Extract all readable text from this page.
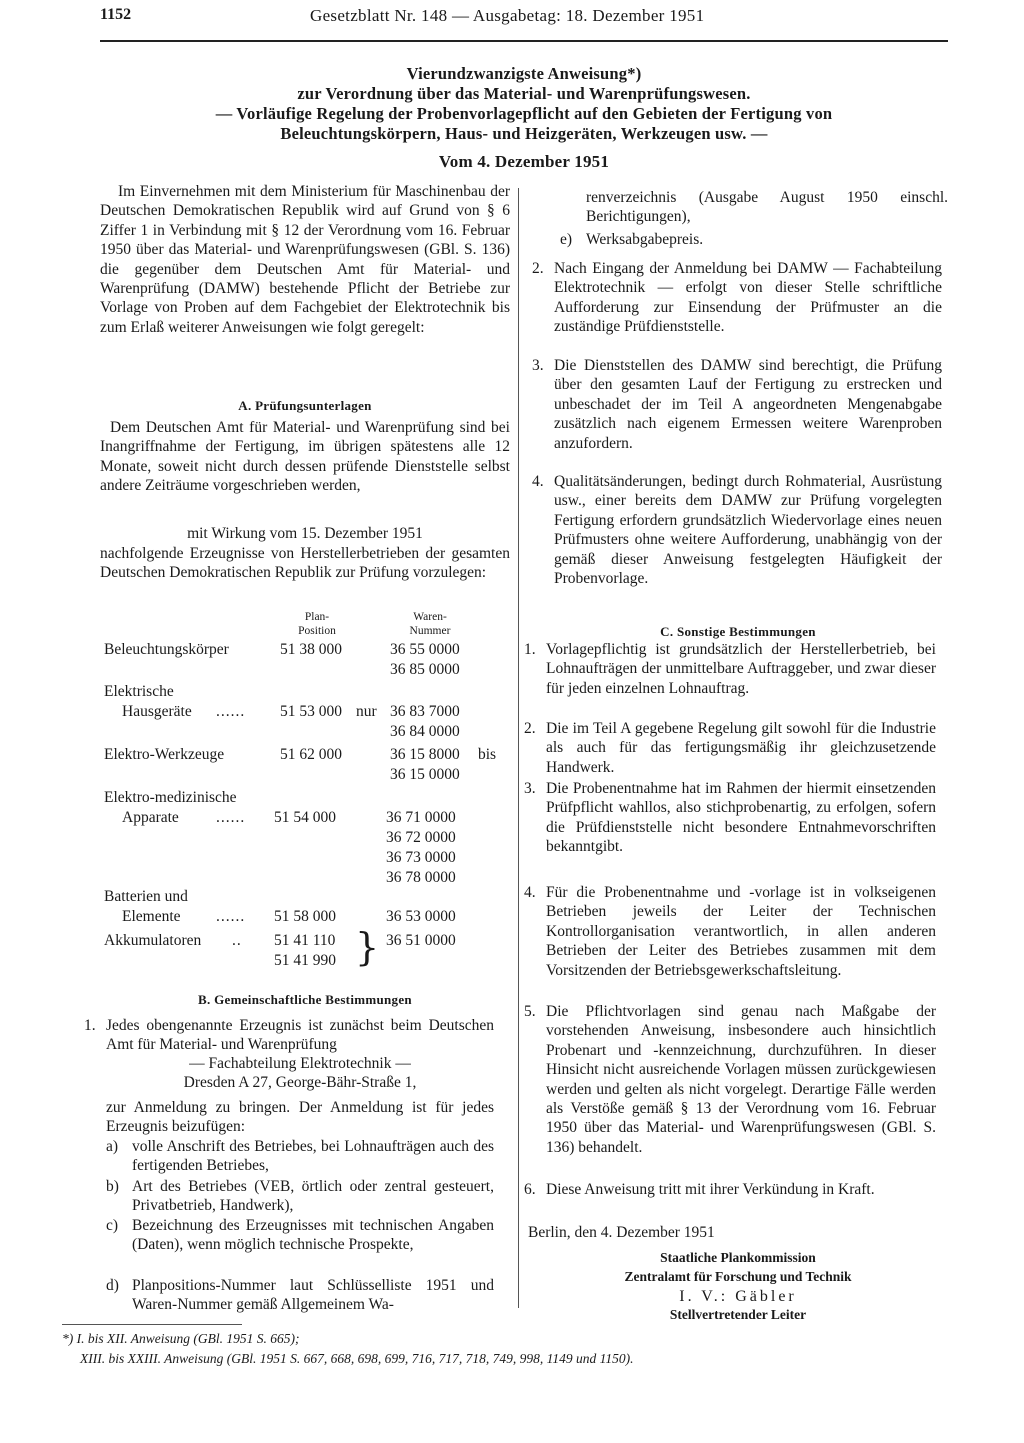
1152	Gesetzblatt Nr. 148 — Ausgabetag: 18. Dezember 1951
Vierundzwanzigste Anweisung*)
zur Verordnung über das Material- und Warenprüfungswesen.
— Vorläufige Regelung der Probenvorlagepflicht auf den Gebieten der Fertigung von
Beleuchtungskörpern, Haus- und Heizgeräten, Werkzeugen usw. —
Vom 4. Dezember 1951
Im Einvernehmen mit dem Ministerium für Maschinenbau der Deutschen Demokratischen Republik wird auf Grund von § 6 Ziffer 1 in Verbindung mit § 12 der Verordnung vom 16. Februar 1950 über das Material- und Warenprüfungswesen (GBl. S. 136) die gegenüber dem Deutschen Amt für Material- und Warenprüfung (DAMW) bestehende Pflicht der Betriebe zur Vorlage von Proben auf dem Fachgebiet der Elektrotechnik bis zum Erlaß weiterer Anweisungen wie folgt geregelt:
A. Prüfungsunterlagen
Dem Deutschen Amt für Material- und Warenprüfung sind bei Inangriffnahme der Fertigung, im übrigen spätestens alle 12 Monate, soweit nicht durch dessen prüfende Dienststelle selbst andere Zeiträume vorgeschrieben werden,
mit Wirkung vom 15. Dezember 1951
nachfolgende Erzeugnisse von Herstellerbetrieben der gesamten Deutschen Demokratischen Republik zur Prüfung vorzulegen:
Plan-
Position
Waren-
Nummer
Beleuchtungskörper	51 38 000	36 55 0000
36 85 0000
Elektrische
Hausgeräte ...... 51 53 000 nur 36 83 7000
36 84 0000
Elektro-Werkzeuge	51 62 000	36 15 8000 bis
36 15 0000
Elektro-medizinische
Apparate ...... 51 54 000	36 71 0000
36 72 0000
36 73 0000
36 78 0000
Batterien und
Elemente ...... 51 58 000	36 53 0000
Akkumulatoren .. 51 41 110	36 51 0000
51 41 990 }
B. Gemeinschaftliche Bestimmungen
1. Jedes obengenannte Erzeugnis ist zunächst beim Deutschen Amt für Material- und Warenprüfung
— Fachabteilung Elektrotechnik —
Dresden A 27, George-Bähr-Straße 1,
zur Anmeldung zu bringen. Der Anmeldung ist für jedes Erzeugnis beizufügen:
a) volle Anschrift des Betriebes, bei Lohnaufträgen auch des fertigenden Betriebes,
b) Art des Betriebes (VEB, örtlich oder zentral gesteuert, Privatbetrieb, Handwerk),
c) Bezeichnung des Erzeugnisses mit technischen Angaben (Daten), wenn möglich technische Prospekte,
d) Planpositions-Nummer laut Schlüsselliste 1951 und Waren-Nummer gemäß Allgemeinem Wa-
renverzeichnis (Ausgabe August 1950 einschl. Berichtigungen),
e) Werksabgabepreis.
2. Nach Eingang der Anmeldung bei DAMW — Fachabteilung Elektrotechnik — erfolgt von dieser Stelle schriftliche Aufforderung zur Einsendung der Prüfmuster an die zuständige Prüfdienststelle.
3. Die Dienststellen des DAMW sind berechtigt, die Prüfung über den gesamten Lauf der Fertigung zu erstrecken und unbeschadet der im Teil A angeordneten Mengenabgabe zusätzlich nach eigenem Ermessen weitere Warenproben anzufordern.
4. Qualitätsänderungen, bedingt durch Rohmaterial, Ausrüstung usw., einer bereits dem DAMW zur Prüfung vorgelegten Fertigung erfordern grundsätzlich Wiedervorlage eines neuen Prüfmusters ohne weitere Aufforderung, unabhängig von der gemäß dieser Anweisung festgelegten Häufigkeit der Probenvorlage.
C. Sonstige Bestimmungen
1. Vorlagepflichtig ist grundsätzlich der Herstellerbetrieb, bei Lohnaufträgen der unmittelbare Auftraggeber, und zwar dieser für jeden einzelnen Lohnauftrag.
2. Die im Teil A gegebene Regelung gilt sowohl für die Industrie als auch für das fertigungsmäßig ihr gleichzusetzende Handwerk.
3. Die Probenentnahme hat im Rahmen der hiermit einsetzenden Prüfpflicht wahllos, also stichprobenartig, zu erfolgen, sofern die Prüfdienststelle nicht besondere Entnahmevorschriften bekanntgibt.
4. Für die Probenentnahme und -vorlage ist in volkseigenen Betrieben jeweils der Leiter der Technischen Kontrollorganisation verantwortlich, in allen anderen Betrieben der Leiter des Betriebes zusammen mit dem Vorsitzenden der Betriebsgewerkschaftsleitung.
5. Die Pflichtvorlagen sind genau nach Maßgabe der vorstehenden Anweisung, insbesondere auch hinsichtlich Probenart und -kennzeichnung, durchzuführen. In dieser Hinsicht nicht ausreichende Vorlagen müssen zurückgewiesen werden und gelten als nicht vorgelegt. Derartige Fälle werden als Verstöße gemäß § 13 der Verordnung vom 16. Februar 1950 über das Material- und Warenprüfungswesen (GBl. S. 136) behandelt.
6. Diese Anweisung tritt mit ihrer Verkündung in Kraft.
Berlin, den 4. Dezember 1951
Staatliche Plankommission
Zentralamt für Forschung und Technik
I. V.: Gäbler
Stellvertretender Leiter
*) I. bis XII. Anweisung (GBl. 1951 S. 665);
XIII. bis XXIII. Anweisung (GBl. 1951 S. 667, 668, 698, 699, 716, 717, 718, 749, 998, 1149 und 1150).
